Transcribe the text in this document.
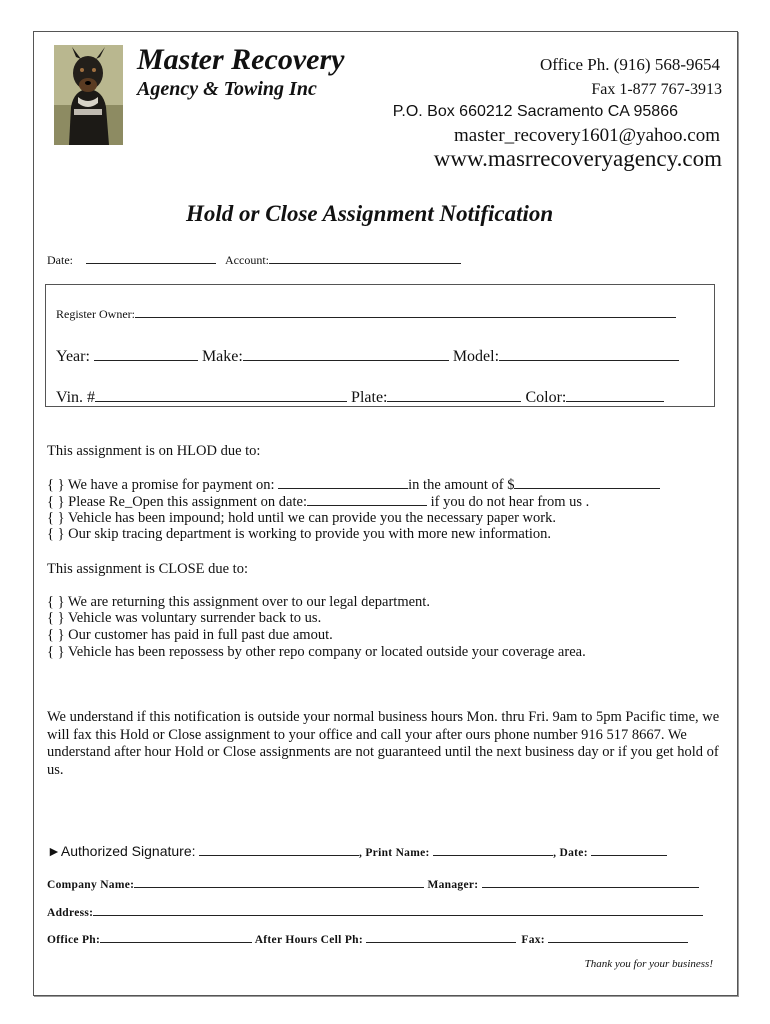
Master Recovery
Agency & Towing Inc
Office Ph. (916) 568-9654
Fax 1-877 767-3913
P.O. Box 660212 Sacramento CA 95866
master_recovery1601@yahoo.com
www.masrrecoveryagency.com
Hold or Close Assignment Notification
Date:	Account:
Register Owner:
Year:	Make:	Model:
Vin. #	Plate:	Color:
This assignment is on HLOD due to:
{ } We have a promise for payment on:	in the amount of $
{ } Please Re_Open this assignment on date:	if you do not hear from us .
{ } Vehicle has been impound; hold until we can provide you the necessary paper work.
{ } Our skip tracing department is working to provide you with more new information.
This assignment is CLOSE due to:
{ } We are returning this assignment over to our legal department.
{ } Vehicle was voluntary surrender back to us.
{ } Our customer has paid in full past due amout.
{ } Vehicle has been repossess by other repo company or located outside your coverage area.
We understand if this notification is outside your normal business hours Mon. thru Fri. 9am to 5pm Pacific time, we will fax this Hold or Close assignment to your office and call your after ours phone number 916 517 8667. We understand after hour Hold or Close assignments are not guaranteed until the next business day or if you get hold of us.
►Authorized Signature:	, Print Name:	, Date:
Company Name:	Manager:
Address:
Office Ph:	After Hours Cell Ph:	Fax:
Thank you for your business!
